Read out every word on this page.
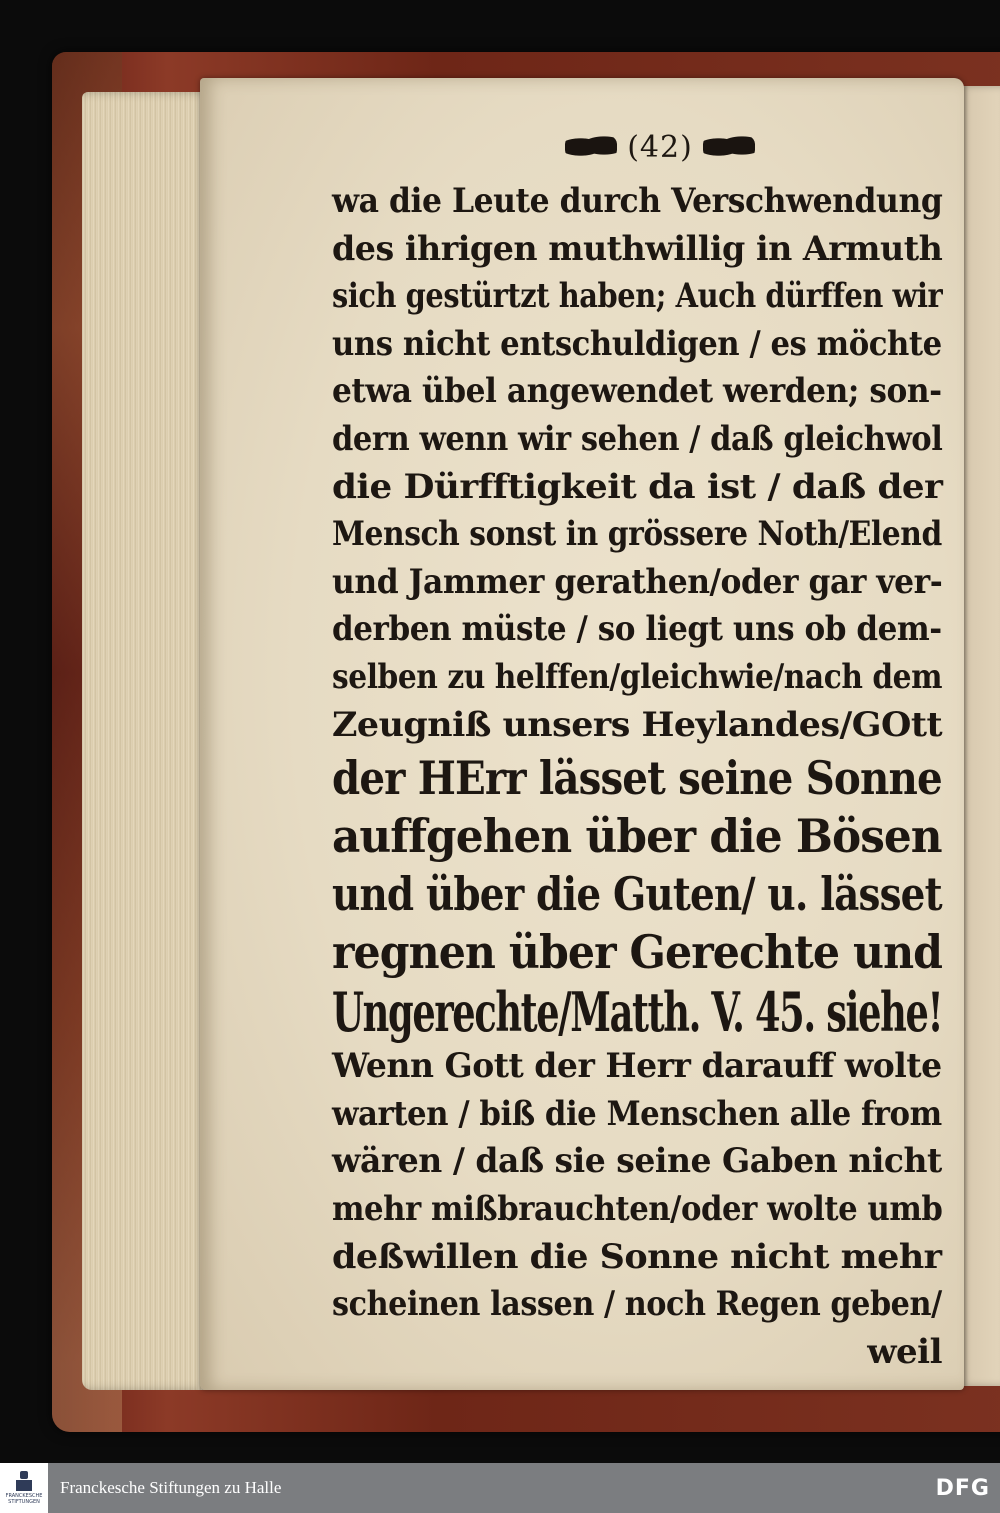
(42)
wa die Leute durch Verschwendung
des ihrigen muthwillig in Armuth
sich gestürtzt haben; Auch dürffen wir
uns nicht entschuldigen / es möchte
etwa übel angewendet werden; son-
dern wenn wir sehen / daß gleichwol
die Dürfftigkeit da ist / daß der
Mensch sonst in grössere Noth/Elend
und Jammer gerathen/oder gar ver-
derben müste / so liegt uns ob dem-
selben zu helffen/gleichwie/nach dem
Zeugniß unsers Heylandes/GOtt
der HErr lässet seine Sonne
auffgehen über die Bösen
und über die Guten/ u. lässet
regnen über Gerechte und
Ungerechte/Matth. V. 45. siehe!
Wenn Gott der Herr darauff wolte
warten / biß die Menschen alle from
wären / daß sie seine Gaben nicht
mehr mißbrauchten/oder wolte umb
deßwillen die Sonne nicht mehr
scheinen lassen / noch Regen geben/
weil
FRANCKESCHE STIFTUNGEN
Franckesche Stiftungen zu Halle	DFG
